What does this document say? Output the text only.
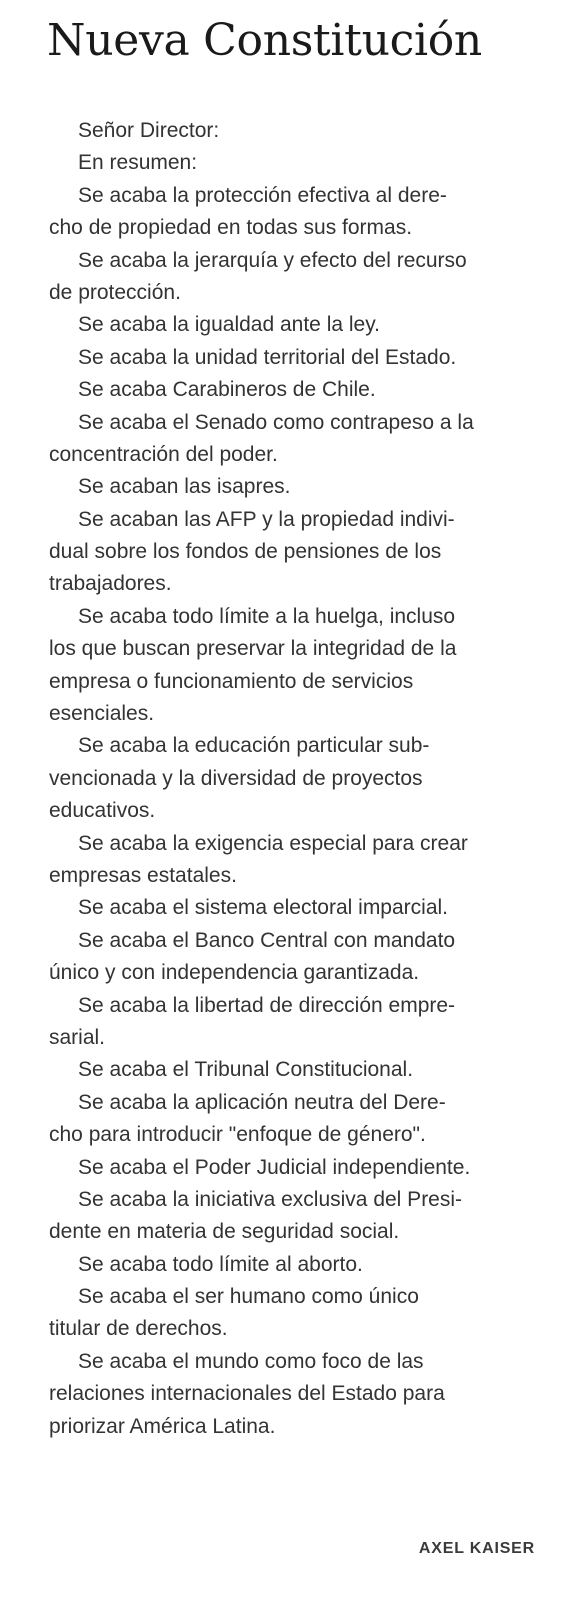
Nueva Constitución
Señor Director:
En resumen:
Se acaba la protección efectiva al dere-
cho de propiedad en todas sus formas.
Se acaba la jerarquía y efecto del recurso
de protección.
Se acaba la igualdad ante la ley.
Se acaba la unidad territorial del Estado.
Se acaba Carabineros de Chile.
Se acaba el Senado como contrapeso a la
concentración del poder.
Se acaban las isapres.
Se acaban las AFP y la propiedad indivi-
dual sobre los fondos de pensiones de los
trabajadores.
Se acaba todo límite a la huelga, incluso
los que buscan preservar la integridad de la
empresa o funcionamiento de servicios
esenciales.
Se acaba la educación particular sub-
vencionada y la diversidad de proyectos
educativos.
Se acaba la exigencia especial para crear
empresas estatales.
Se acaba el sistema electoral imparcial.
Se acaba el Banco Central con mandato
único y con independencia garantizada.
Se acaba la libertad de dirección empre-
sarial.
Se acaba el Tribunal Constitucional.
Se acaba la aplicación neutra del Dere-
cho para introducir "enfoque de género".
Se acaba el Poder Judicial independiente.
Se acaba la iniciativa exclusiva del Presi-
dente en materia de seguridad social.
Se acaba todo límite al aborto.
Se acaba el ser humano como único
titular de derechos.
Se acaba el mundo como foco de las
relaciones internacionales del Estado para
priorizar América Latina.
AXEL KAISER
